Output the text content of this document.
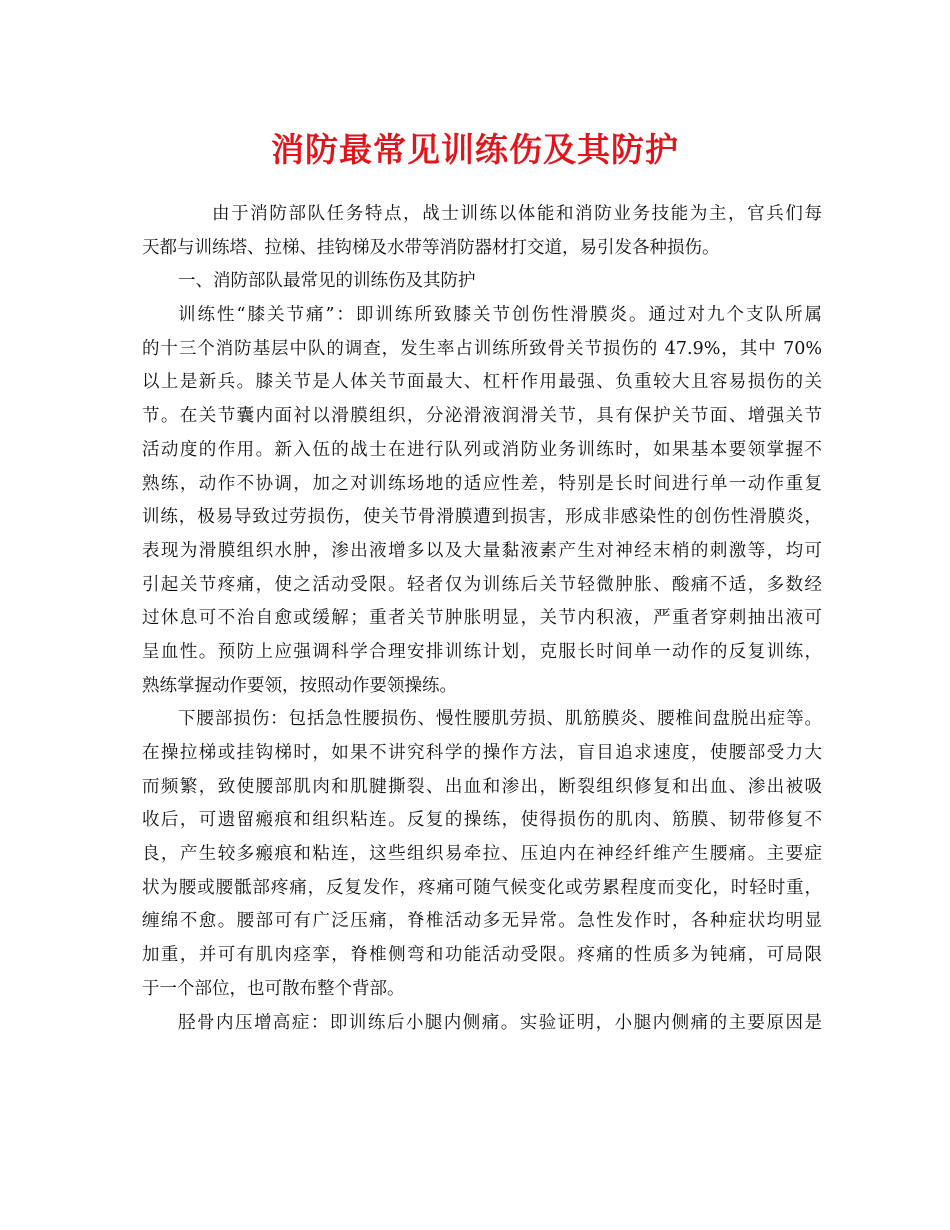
消防最常见训练伤及其防护
由于消防部队任务特点，战士训练以体能和消防业务技能为主，官兵们每
天都与训练塔、拉梯、挂钩梯及水带等消防器材打交道，易引发各种损伤。
一、消防部队最常见的训练伤及其防护
训练性“膝关节痛”：即训练所致膝关节创伤性滑膜炎。通过对九个支队所属
的十三个消防基层中队的调查，发生率占训练所致骨关节损伤的 47.9%，其中 70%
以上是新兵。膝关节是人体关节面最大、杠杆作用最强、负重较大且容易损伤的关
节。在关节囊内面衬以滑膜组织，分泌滑液润滑关节，具有保护关节面、增强关节
活动度的作用。新入伍的战士在进行队列或消防业务训练时，如果基本要领掌握不
熟练，动作不协调，加之对训练场地的适应性差，特别是长时间进行单一动作重复
训练，极易导致过劳损伤，使关节骨滑膜遭到损害，形成非感染性的创伤性滑膜炎，
表现为滑膜组织水肿，渗出液增多以及大量黏液素产生对神经末梢的刺激等，均可
引起关节疼痛，使之活动受限。轻者仅为训练后关节轻微肿胀、酸痛不适，多数经
过休息可不治自愈或缓解；重者关节肿胀明显，关节内积液，严重者穿刺抽出液可
呈血性。预防上应强调科学合理安排训练计划，克服长时间单一动作的反复训练，
熟练掌握动作要领，按照动作要领操练。
下腰部损伤：包括急性腰损伤、慢性腰肌劳损、肌筋膜炎、腰椎间盘脱出症等。
在操拉梯或挂钩梯时，如果不讲究科学的操作方法，盲目追求速度，使腰部受力大
而频繁，致使腰部肌肉和肌腱撕裂、出血和渗出，断裂组织修复和出血、渗出被吸
收后，可遗留瘢痕和组织粘连。反复的操练，使得损伤的肌肉、筋膜、韧带修复不
良，产生较多瘢痕和粘连，这些组织易牵拉、压迫内在神经纤维产生腰痛。主要症
状为腰或腰骶部疼痛，反复发作，疼痛可随气候变化或劳累程度而变化，时轻时重，
缠绵不愈。腰部可有广泛压痛，脊椎活动多无异常。急性发作时，各种症状均明显
加重，并可有肌肉痉挛，脊椎侧弯和功能活动受限。疼痛的性质多为钝痛，可局限
于一个部位，也可散布整个背部。
胫骨内压增高症：即训练后小腿内侧痛。实验证明，小腿内侧痛的主要原因是
